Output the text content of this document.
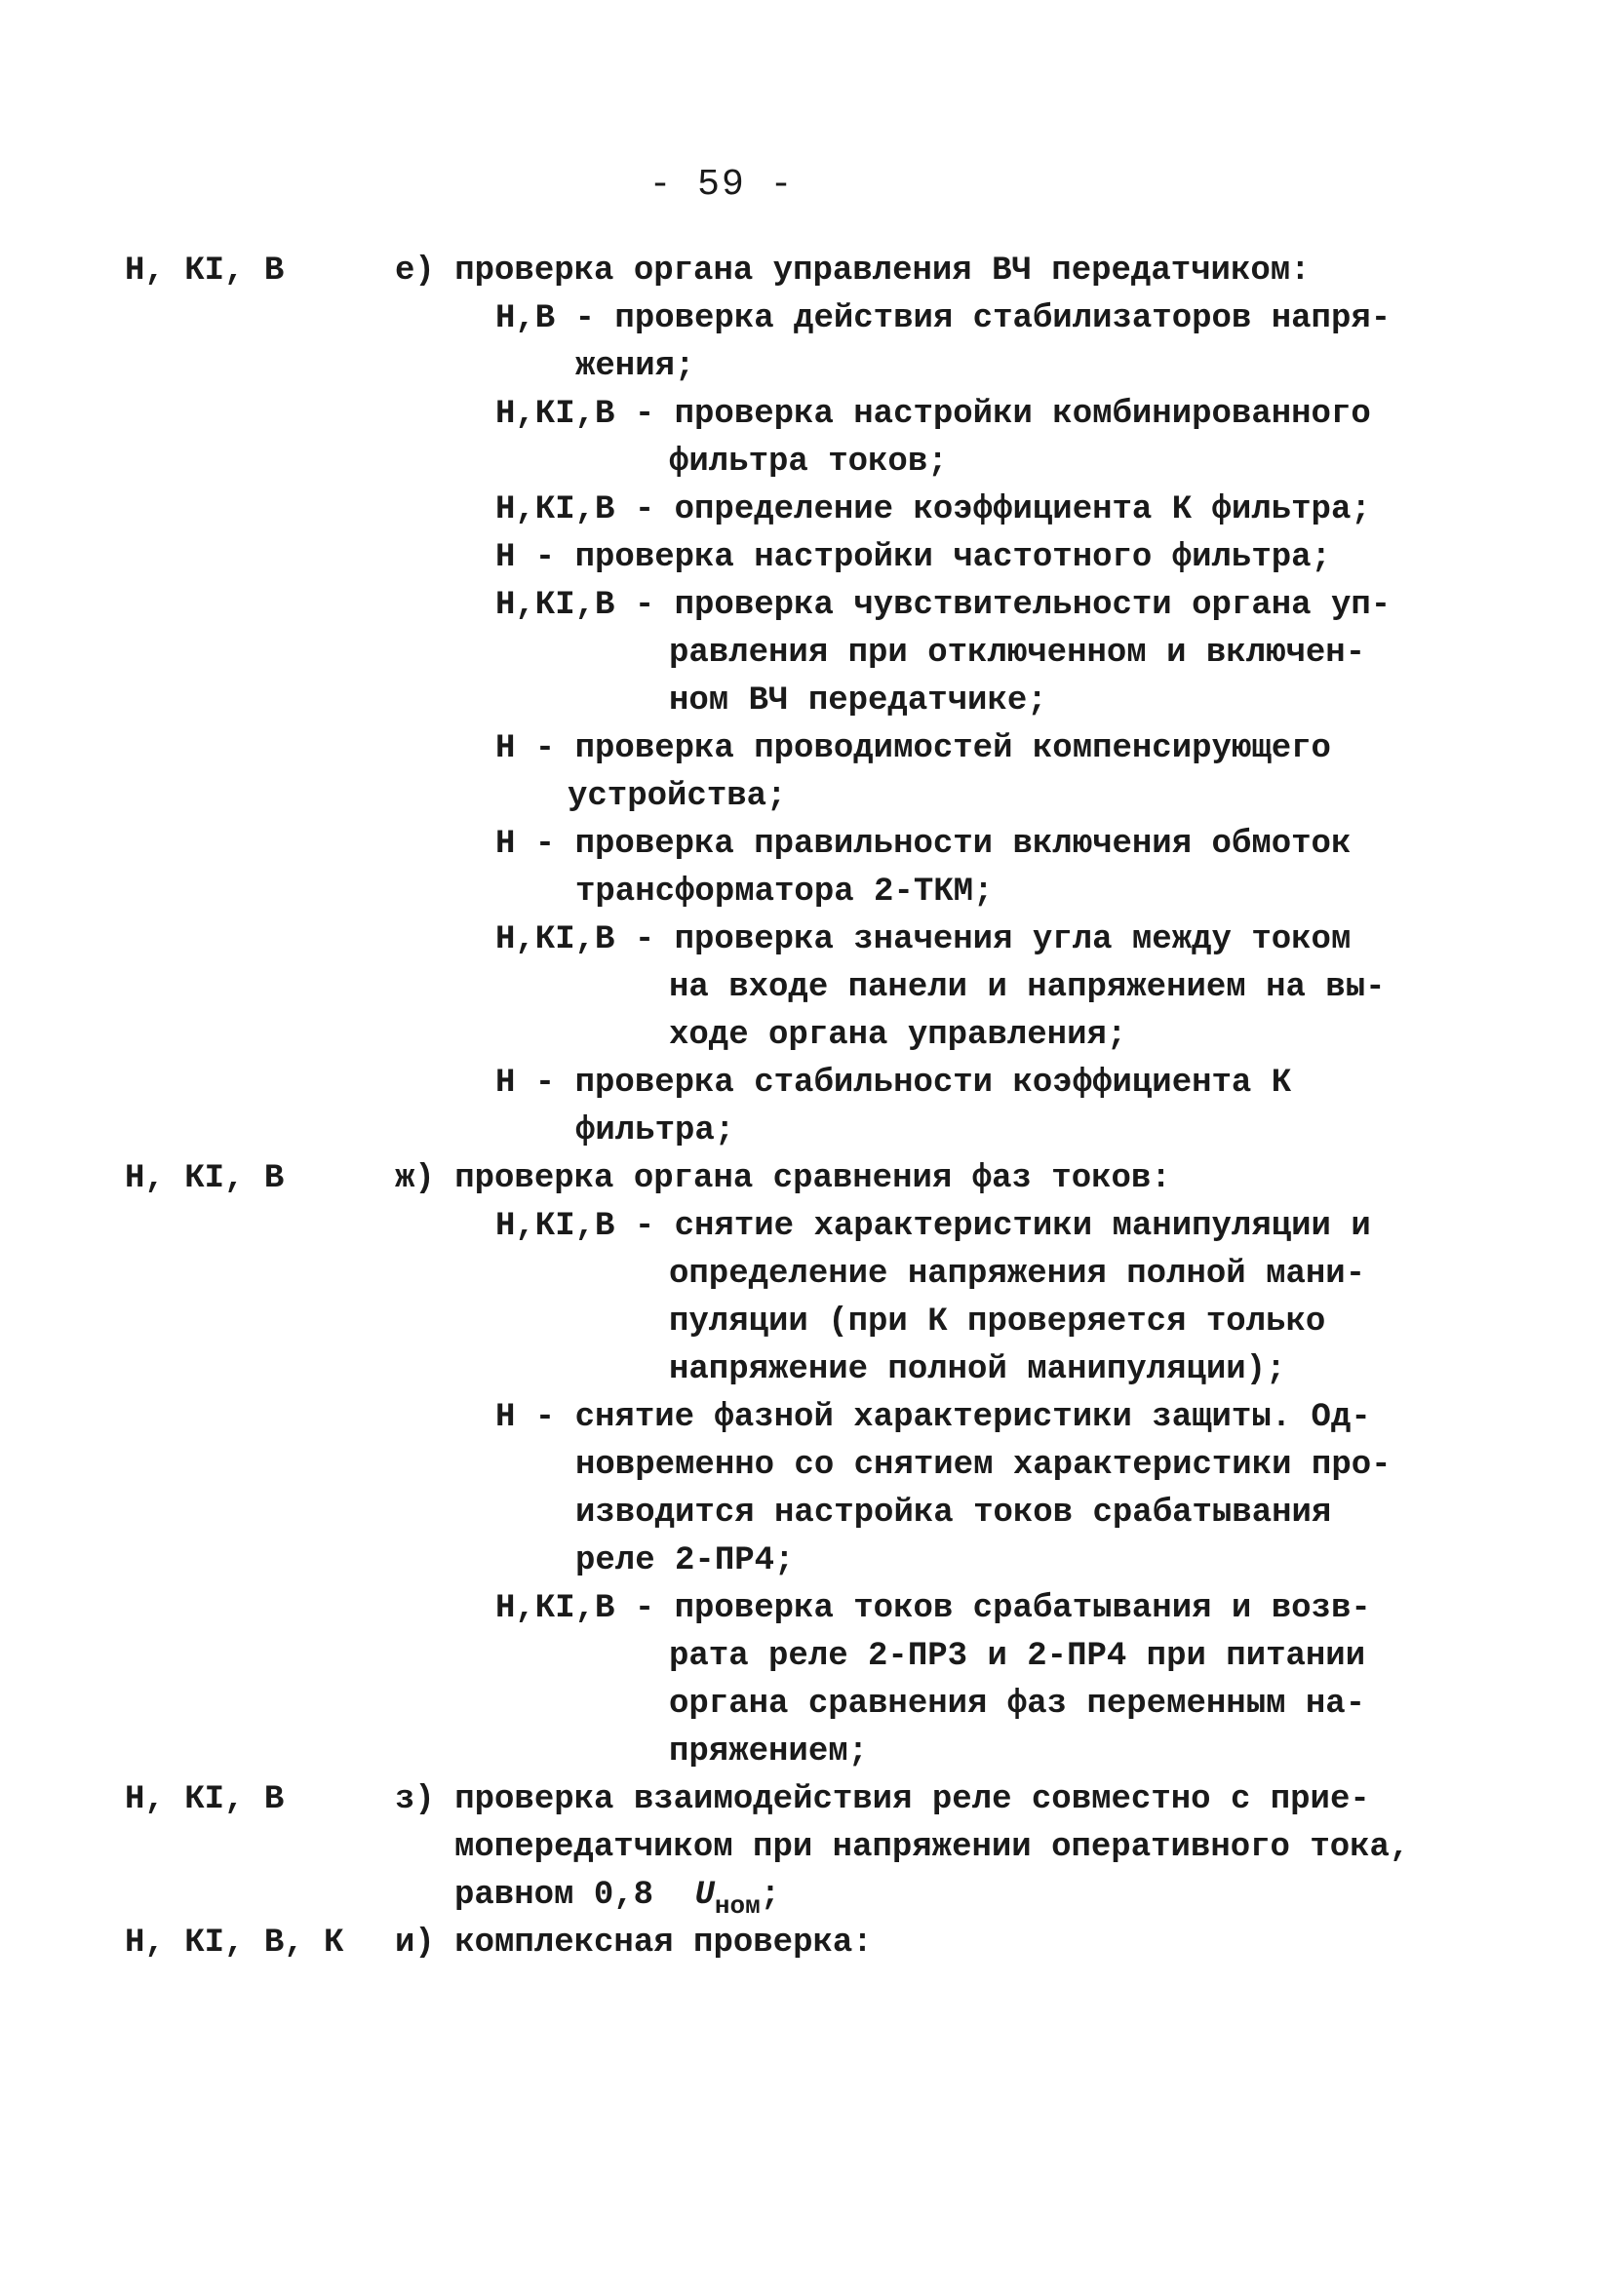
- 59 -
Н, КI, В	е) проверка органа управления ВЧ передатчиком:
Н,В - проверка действия стабилизаторов напря-
жения;
Н,КI,В - проверка настройки комбинированного
фильтра токов;
Н,КI,В - определение коэффициента К фильтра;
Н - проверка настройки частотного фильтра;
Н,КI,В - проверка чувствительности органа уп-
равления при отключенном и включен-
ном ВЧ передатчике;
Н - проверка проводимостей компенсирующего
устройства;
Н - проверка правильности включения обмоток
трансформатора 2-ТКМ;
Н,КI,В - проверка значения угла между током
на входе панели и напряжением на вы-
ходе органа управления;
Н - проверка стабильности коэффициента К
фильтра;
Н, КI, В	ж) проверка органа сравнения фаз токов:
Н,КI,В - снятие характеристики манипуляции и
определение напряжения полной мани-
пуляции (при К проверяется только
напряжение полной манипуляции);
Н - снятие фазной характеристики защиты. Од-
новременно со снятием характеристики про-
изводится настройка токов срабатывания
реле 2-ПР4;
Н,КI,В - проверка токов срабатывания и возв-
рата реле 2-ПР3 и 2-ПР4 при питании
органа сравнения фаз переменным на-
пряжением;
Н, КI, В	з) проверка взаимодействия реле совместно с прие-
мопередатчиком при напряжении оперативного тока,
равном 0,8 $U_{ном}$;
Н, КI, В, К и) комплексная проверка:
